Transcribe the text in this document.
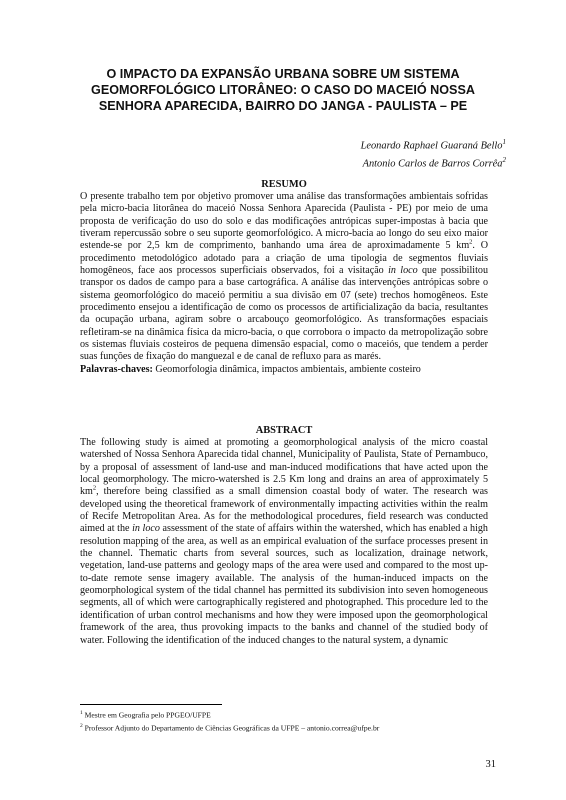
O IMPACTO DA EXPANSÃO URBANA SOBRE UM SISTEMA GEOMORFOLÓGICO LITORÂNEO: O CASO DO MACEIÓ NOSSA SENHORA APARECIDA, BAIRRO DO JANGA - PAULISTA – PE
Leonardo Raphael Guaraná Bello$^1$
Antonio Carlos de Barros Corrêa$^2$
RESUMO
O presente trabalho tem por objetivo promover uma análise das transformações ambientais sofridas pela micro-bacia litorânea do maceió Nossa Senhora Aparecida (Paulista - PE) por meio de uma proposta de verificação do uso do solo e das modificações antrópicas super-impostas à bacia que tiveram repercussão sobre o seu suporte geomorfológico. A micro-bacia ao longo do seu eixo maior estende-se por 2,5 km de comprimento, banhando uma área de aproximadamente 5 $km^2$. O procedimento metodológico adotado para a criação de uma tipologia de segmentos fluviais homogêneos, face aos processos superficiais observados, foi a visitação in loco que possibilitou transpor os dados de campo para a base cartográfica. A análise das intervenções antrópicas sobre o sistema geomorfológico do maceió permitiu a sua divisão em 07 (sete) trechos homogêneos. Este procedimento ensejou a identificação de como os processos de artificialização da bacia, resultantes da ocupação urbana, agiram sobre o arcabouço geomorfológico. As transformações espaciais refletiram-se na dinâmica física da micro-bacia, o que corrobora o impacto da metropolização sobre os sistemas fluviais costeiros de pequena dimensão espacial, como o maceiós, que tendem a perder suas funções de fixação do manguezal e de canal de refluxo para as marés.
Palavras-chaves: Geomorfologia dinâmica, impactos ambientais, ambiente costeiro
ABSTRACT
The following study is aimed at promoting a geomorphological analysis of the micro coastal watershed of Nossa Senhora Aparecida tidal channel, Municipality of Paulista, State of Pernambuco, by a proposal of assessment of land-use and man-induced modifications that have acted upon the local geomorphology. The micro-watershed is 2.5 Km long and drains an area of approximately 5 $km^2$, therefore being classified as a small dimension coastal body of water. The research was developed using the theoretical framework of environmentally impacting activities within the realm of Recife Metropolitan Area. As for the methodological procedures, field research was conducted aimed at the in loco assessment of the state of affairs within the watershed, which has enabled a high resolution mapping of the area, as well as an empirical evaluation of the surface processes present in the channel. Thematic charts from several sources, such as localization, drainage network, vegetation, land-use patterns and geology maps of the area were used and compared to the most up-to-date remote sense imagery available. The analysis of the human-induced impacts on the geomorphological system of the tidal channel has permitted its subdivision into seven homogeneous segments, all of which were cartographically registered and photographed. This procedure led to the identification of urban control mechanisms and how they were imposed upon the geomorphological framework of the area, thus provoking impacts to the banks and channel of the studied body of water. Following the identification of the induced changes to the natural system, a dynamic
$^1$ Mestre em Geografia pelo PPGEO/UFPE
$^2$ Professor Adjunto do Departamento de Ciências Geográficas da UFPE – antonio.correa@ufpe.br
31
